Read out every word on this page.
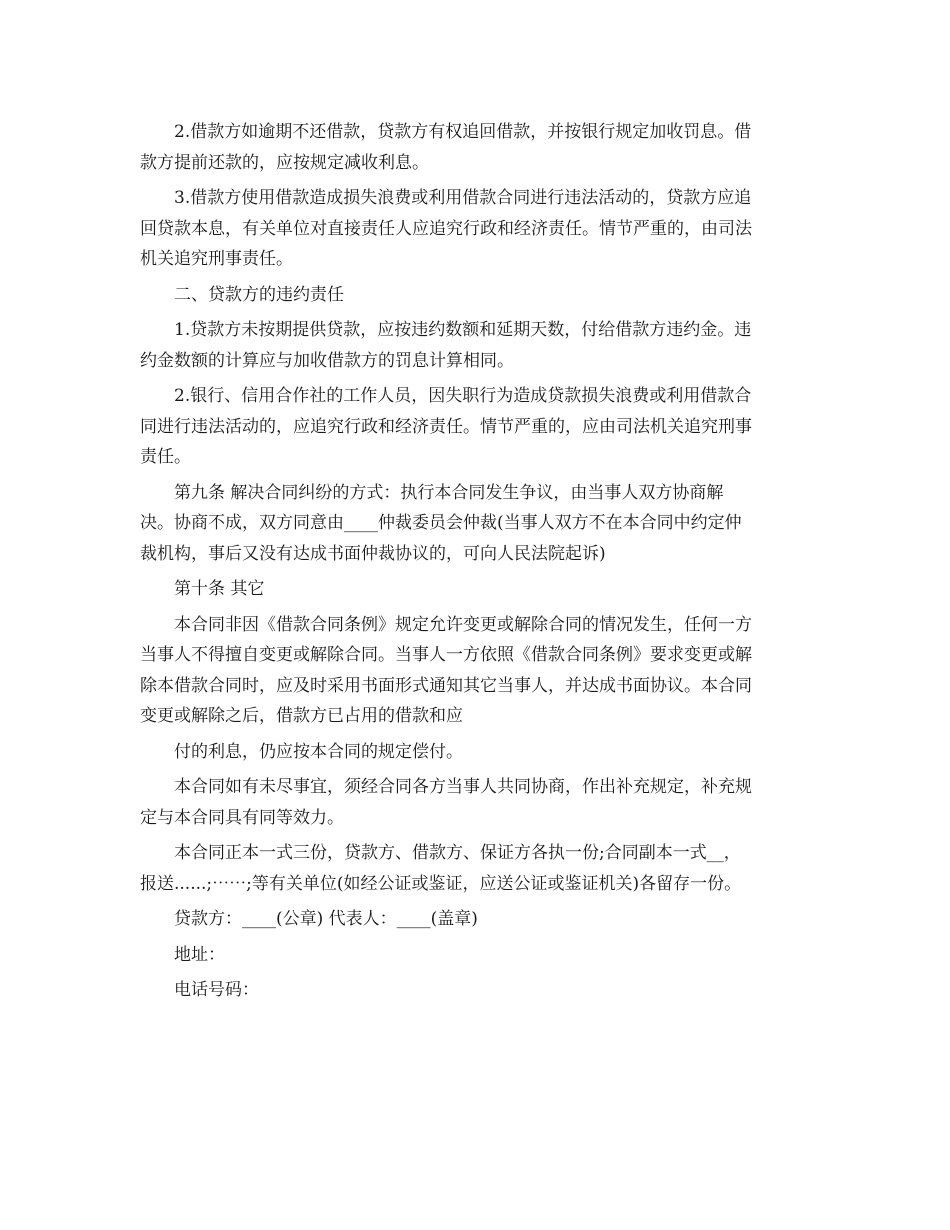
2.借款方如逾期不还借款，贷款方有权追回借款，并按银行规定加收罚息。借
款方提前还款的，应按规定减收利息。
3.借款方使用借款造成损失浪费或利用借款合同进行违法活动的，贷款方应追
回贷款本息，有关单位对直接责任人应追究行政和经济责任。情节严重的，由司法
机关追究刑事责任。
二、贷款方的违约责任
1.贷款方未按期提供贷款，应按违约数额和延期天数，付给借款方违约金。违
约金数额的计算应与加收借款方的罚息计算相同。
2.银行、信用合作社的工作人员，因失职行为造成贷款损失浪费或利用借款合
同进行违法活动的，应追究行政和经济责任。情节严重的，应由司法机关追究刑事
责任。
第九条 解决合同纠纷的方式：执行本合同发生争议，由当事人双方协商解
决。协商不成，双方同意由____仲裁委员会仲裁(当事人双方不在本合同中约定仲
裁机构，事后又没有达成书面仲裁协议的，可向人民法院起诉)
第十条 其它
本合同非因《借款合同条例》规定允许变更或解除合同的情况发生，任何一方
当事人不得擅自变更或解除合同。当事人一方依照《借款合同条例》要求变更或解
除本借款合同时，应及时采用书面形式通知其它当事人，并达成书面协议。本合同
变更或解除之后，借款方已占用的借款和应
付的利息，仍应按本合同的规定偿付。
本合同如有未尽事宜，须经合同各方当事人共同协商，作出补充规定，补充规
定与本合同具有同等效力。
本合同正本一式三份，贷款方、借款方、保证方各执一份;合同副本一式__，
报送......;⋯⋯;等有关单位(如经公证或鉴证，应送公证或鉴证机关)各留存一份。
贷款方：____(公章) 代表人：____(盖章)
地址：
电话号码：
